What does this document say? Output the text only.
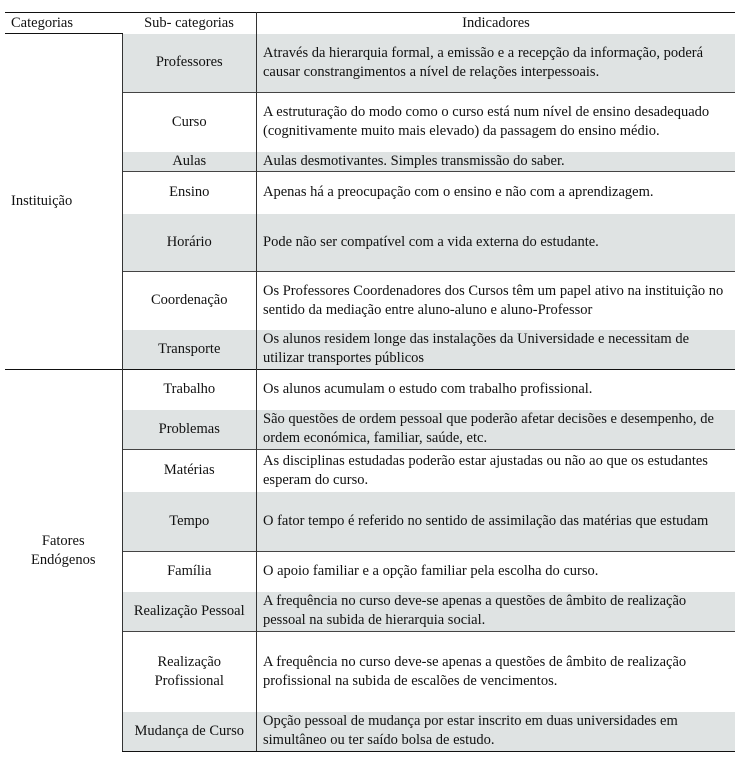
Categorias	Sub- categorias	Indicadores
Instituição	Professores	Através da hierarquia formal, a emissão e a recepção da informação, poderá causar constrangimentos a nível de relações interpessoais.
	Curso	A estruturação do modo como o curso está num nível de ensino desadequado (cognitivamente muito mais elevado) da passagem do ensino médio.
	Aulas	Aulas desmotivantes. Simples transmissão do saber.
	Ensino	Apenas há a preocupação com o ensino e não com a aprendizagem.
	Horário	Pode não ser compatível com a vida externa do estudante.
	Coordenação	Os Professores Coordenadores dos Cursos têm um papel ativo na instituição no sentido da mediação entre aluno-aluno e aluno-Professor
	Transporte	Os alunos residem longe das instalações da Universidade e necessitam de utilizar transportes públicos
Fatores Endógenos	Trabalho	Os alunos acumulam o estudo com trabalho profissional.
	Problemas	São questões de ordem pessoal que poderão afetar decisões e desempenho, de ordem económica, familiar, saúde, etc.
	Matérias	As disciplinas estudadas poderão estar ajustadas ou não ao que os estudantes esperam do curso.
	Tempo	O fator tempo é referido no sentido de assimilação das matérias que estudam
	Família	O apoio familiar e a opção familiar pela escolha do curso.
	Realização Pessoal	A frequência no curso deve-se apenas a questões de âmbito de realização pessoal na subida de hierarquia social.
	Realização Profissional	A frequência no curso deve-se apenas a questões de âmbito de realização profissional na subida de escalões de vencimentos.
	Mudança de Curso	Opção pessoal de mudança por estar inscrito em duas universidades em simultâneo ou ter saído bolsa de estudo.
